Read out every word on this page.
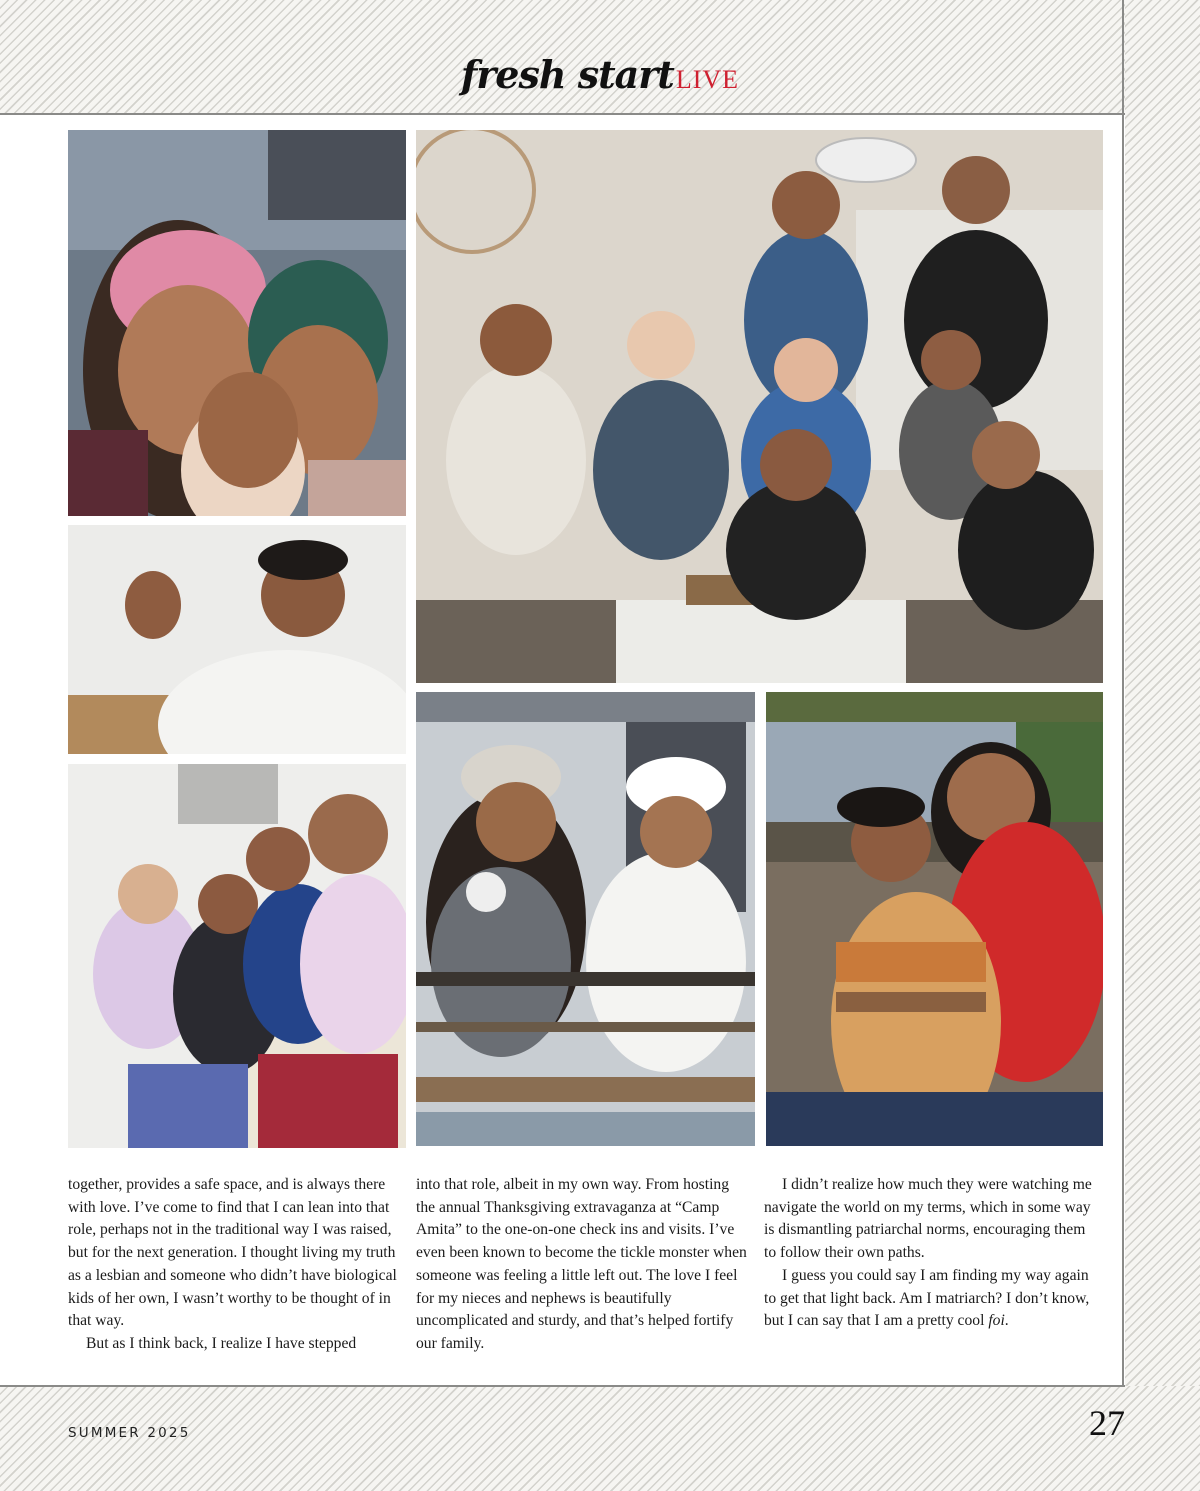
fresh startLIVE

together, provides a safe space, and is always there with love. I’ve come to find that I can lean into that role, perhaps not in the traditional way I was raised, but for the next generation. I thought living my truth as a lesbian and someone who didn’t have biological kids of her own, I wasn’t worthy to be thought of in that way.

But as I think back, I realize I have stepped

into that role, albeit in my own way. From hosting the annual Thanksgiving extravaganza at “Camp Amita” to the one-on-one check ins and visits. I’ve even been known to become the tickle monster when someone was feeling a little left out. The love I feel for my nieces and nephews is beautifully uncomplicated and sturdy, and that’s helped fortify our family.

I didn’t realize how much they were watching me navigate the world on my terms, which in some way is dismantling patriarchal norms, encouraging them to follow their own paths.

I guess you could say I am finding my way again to get that light back. Am I matriarch? I don’t know, but I can say that I am a pretty cool foi.

SUMMER 2025	27
